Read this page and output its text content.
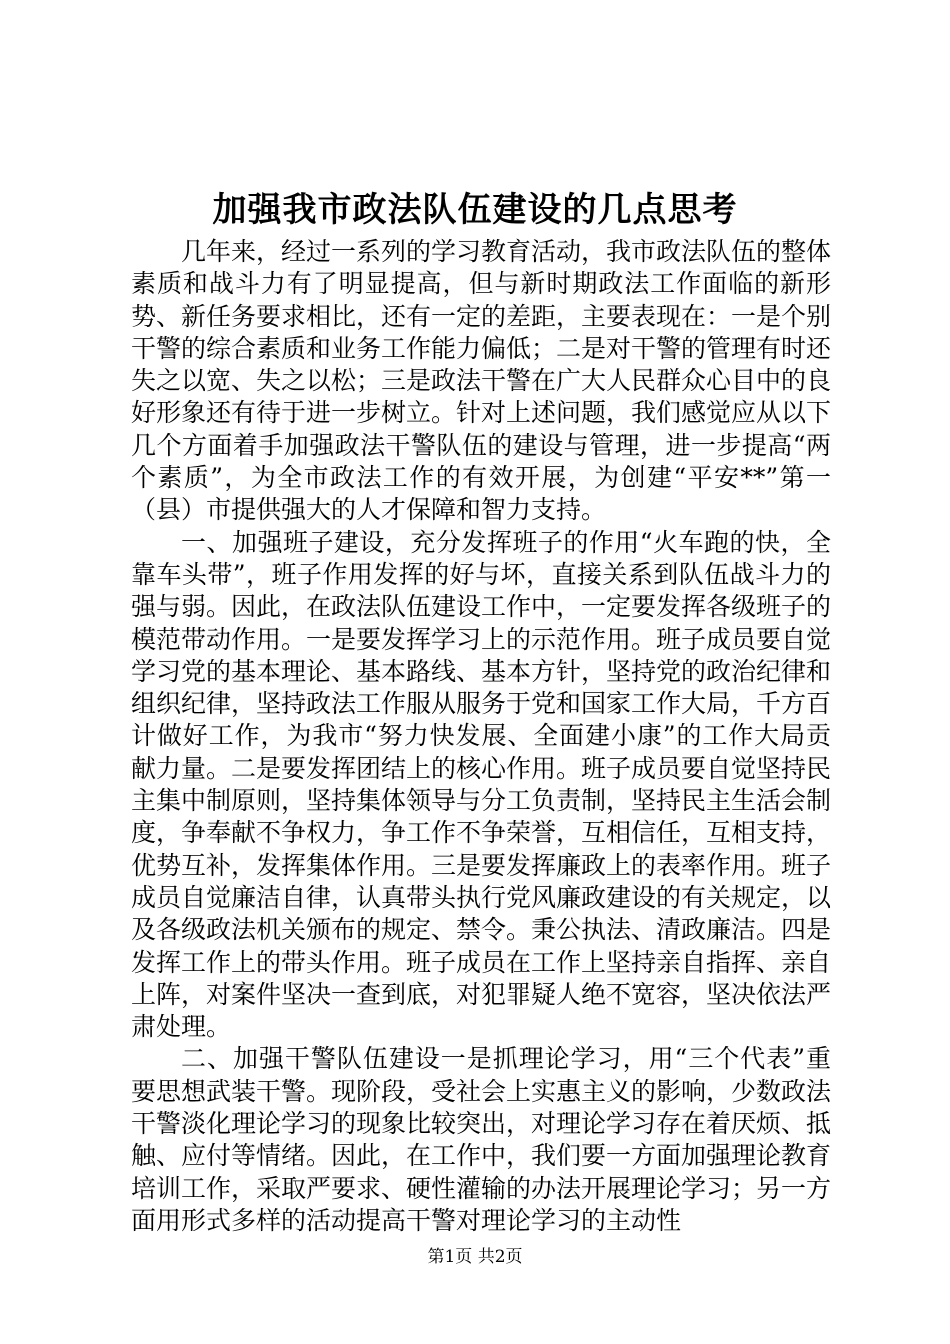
加强我市政法队伍建设的几点思考

几年来，经过一系列的学习教育活动，我市政法队伍的整体素质和战斗力有了明显提高，但与新时期政法工作面临的新形势、新任务要求相比，还有一定的差距，主要表现在：一是个别干警的综合素质和业务工作能力偏低；二是对干警的管理有时还失之以宽、失之以松；三是政法干警在广大人民群众心目中的良好形象还有待于进一步树立。针对上述问题，我们感觉应从以下几个方面着手加强政法干警队伍的建设与管理，进一步提高“两个素质”，为全市政法工作的有效开展，为创建“平安**”第一（县）市提供强大的人才保障和智力支持。

一、加强班子建设，充分发挥班子的作用“火车跑的快，全靠车头带”，班子作用发挥的好与坏，直接关系到队伍战斗力的强与弱。因此，在政法队伍建设工作中，一定要发挥各级班子的模范带动作用。一是要发挥学习上的示范作用。班子成员要自觉学习党的基本理论、基本路线、基本方针，坚持党的政治纪律和组织纪律，坚持政法工作服从服务于党和国家工作大局，千方百计做好工作，为我市“努力快发展、全面建小康”的工作大局贡献力量。二是要发挥团结上的核心作用。班子成员要自觉坚持民主集中制原则，坚持集体领导与分工负责制，坚持民主生活会制度，争奉献不争权力，争工作不争荣誉，互相信任，互相支持，优势互补，发挥集体作用。三是要发挥廉政上的表率作用。班子成员自觉廉洁自律，认真带头执行党风廉政建设的有关规定，以及各级政法机关颁布的规定、禁令。秉公执法、清政廉洁。四是发挥工作上的带头作用。班子成员在工作上坚持亲自指挥、亲自上阵，对案件坚决一查到底，对犯罪疑人绝不宽容，坚决依法严肃处理。

二、加强干警队伍建设一是抓理论学习，用“三个代表”重要思想武装干警。现阶段，受社会上实惠主义的影响，少数政法干警淡化理论学习的现象比较突出，对理论学习存在着厌烦、抵触、应付等情绪。因此，在工作中，我们要一方面加强理论教育培训工作，采取严要求、硬性灌输的办法开展理论学习；另一方面用形式多样的活动提高干警对理论学习的主动性

第1页 共2页
